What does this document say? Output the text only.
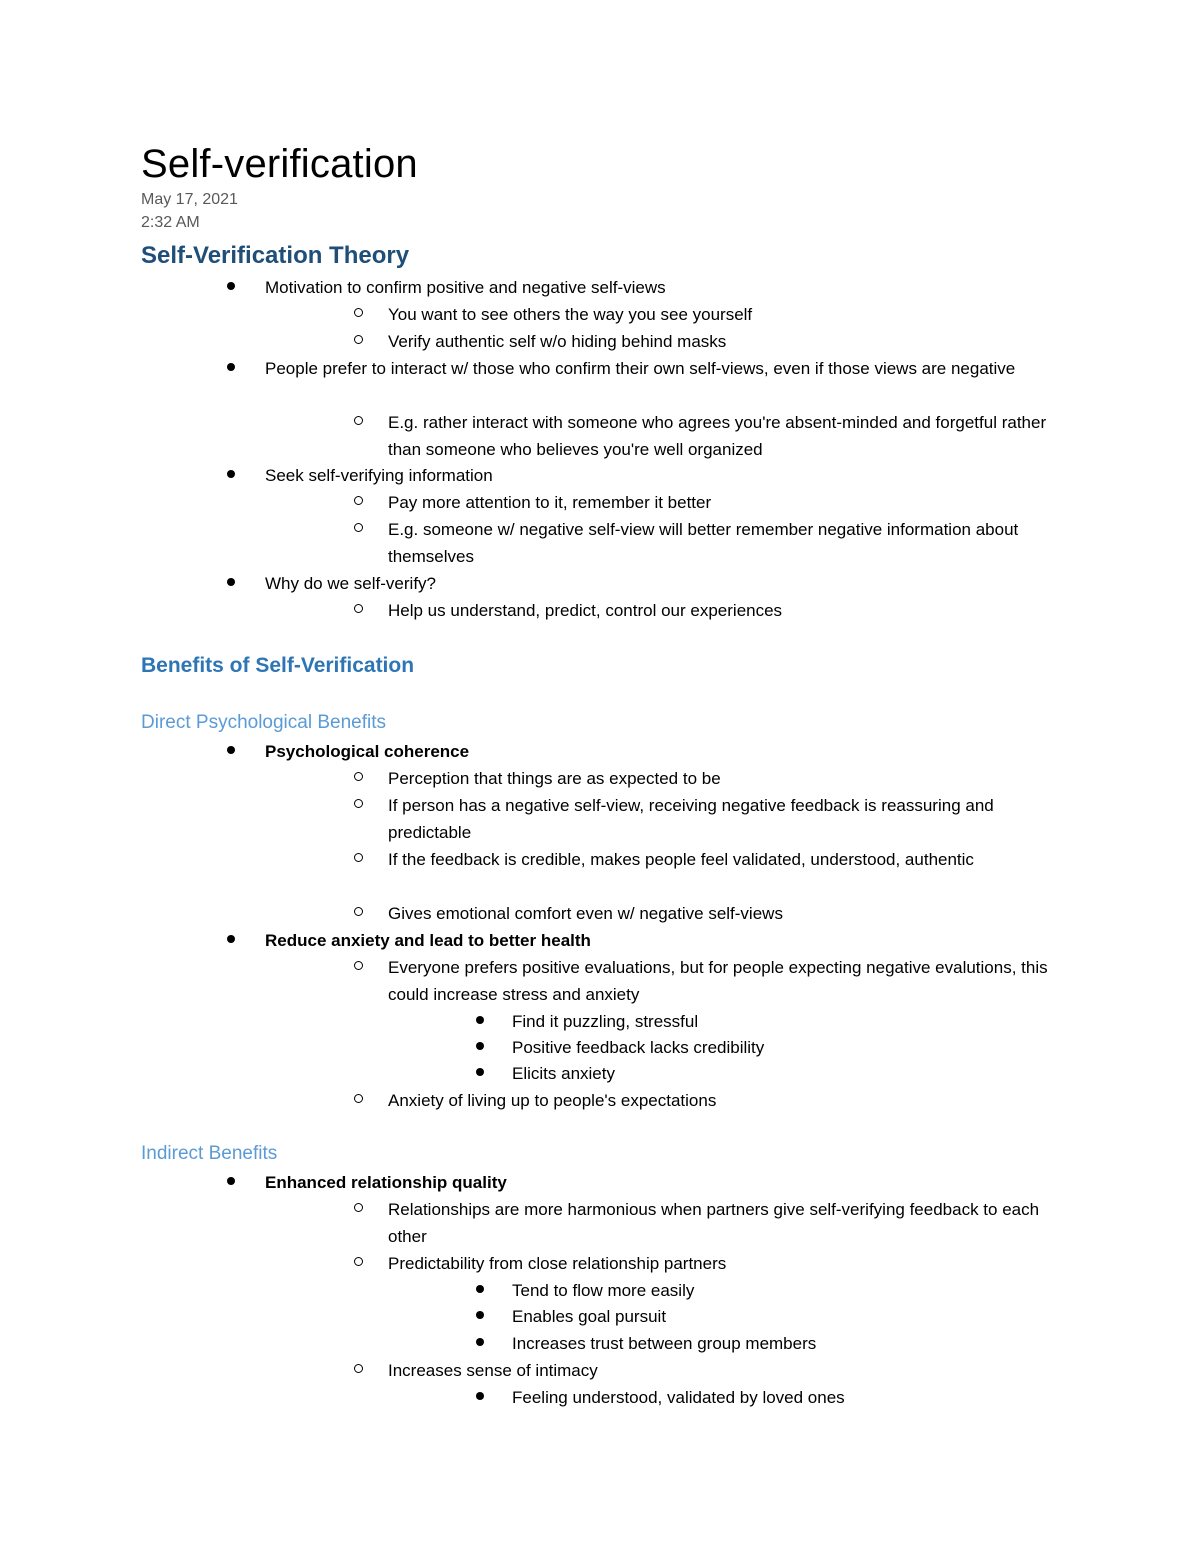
Self-verification
May 17, 2021
2:32 AM
Self-Verification Theory
Motivation to confirm positive and negative self-views
You want to see others the way you see yourself
Verify authentic self w/o hiding behind masks
People prefer to interact w/ those who confirm their own self-views, even if those views are negative
E.g. rather interact with someone who agrees you're absent-minded and forgetful rather than someone who believes you're well organized
Seek self-verifying information
Pay more attention to it, remember it better
E.g. someone w/ negative self-view will better remember negative information about themselves
Why do we self-verify?
Help us understand, predict, control our experiences
Benefits of Self-Verification
Direct Psychological Benefits
Psychological coherence
Perception that things are as expected to be
If person has a negative self-view, receiving negative feedback is reassuring and predictable
If the feedback is credible, makes people feel validated, understood, authentic
Gives emotional comfort even w/ negative self-views
Reduce anxiety and lead to better health
Everyone prefers positive evaluations, but for people expecting negative evalutions, this could increase stress and anxiety
Find it puzzling, stressful
Positive feedback lacks credibility
Elicits anxiety
Anxiety of living up to people's expectations
Indirect Benefits
Enhanced relationship quality
Relationships are more harmonious when partners give self-verifying feedback to each other
Predictability from close relationship partners
Tend to flow more easily
Enables goal pursuit
Increases trust between group members
Increases sense of intimacy
Feeling understood, validated by loved ones
